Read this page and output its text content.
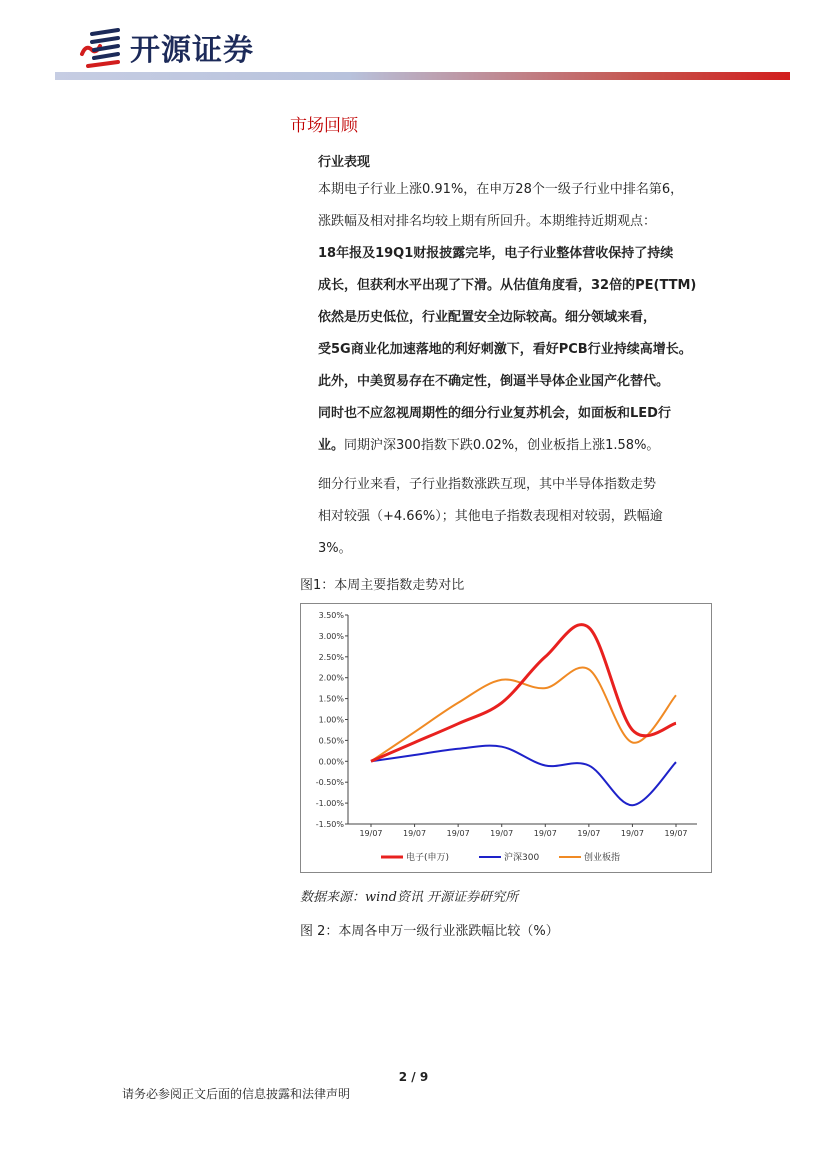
开源证券
市场回顾
行业表现
本期电子行业上涨0.91%，在申万28个一级子行业中排名第6，
涨跌幅及相对排名均较上期有所回升。本期维持近期观点：
18年报及19Q1财报披露完毕，电子行业整体营收保持了持续
成长，但获利水平出现了下滑。从估值角度看，32倍的PE(TTM)
依然是历史低位，行业配置安全边际较高。细分领域来看，
受5G商业化加速落地的利好刺激下，看好PCB行业持续高增长。
此外，中美贸易存在不确定性，倒逼半导体企业国产化替代。
同时也不应忽视周期性的细分行业复苏机会，如面板和LED行
业。同期沪深300指数下跌0.02%，创业板指上涨1.58%。
细分行业来看，子行业指数涨跌互现，其中半导体指数走势
相对较强（+4.66%）；其他电子指数表现相对较弱，跌幅逾
3%。
图1：本周主要指数走势对比
3.50%
3.00%
2.50%
2.00%
1.50%
1.00%
0.50%
0.00%
-0.50%
-1.00%
-1.50%
19/07	19/07	19/07	19/07	19/07	19/07	19/07	19/07
电子(申万)	沪深300	创业板指
数据来源：wind资讯 开源证券研究所
图 2：本周各申万一级行业涨跌幅比较（%）
2 / 9
请务必参阅正文后面的信息披露和法律声明
